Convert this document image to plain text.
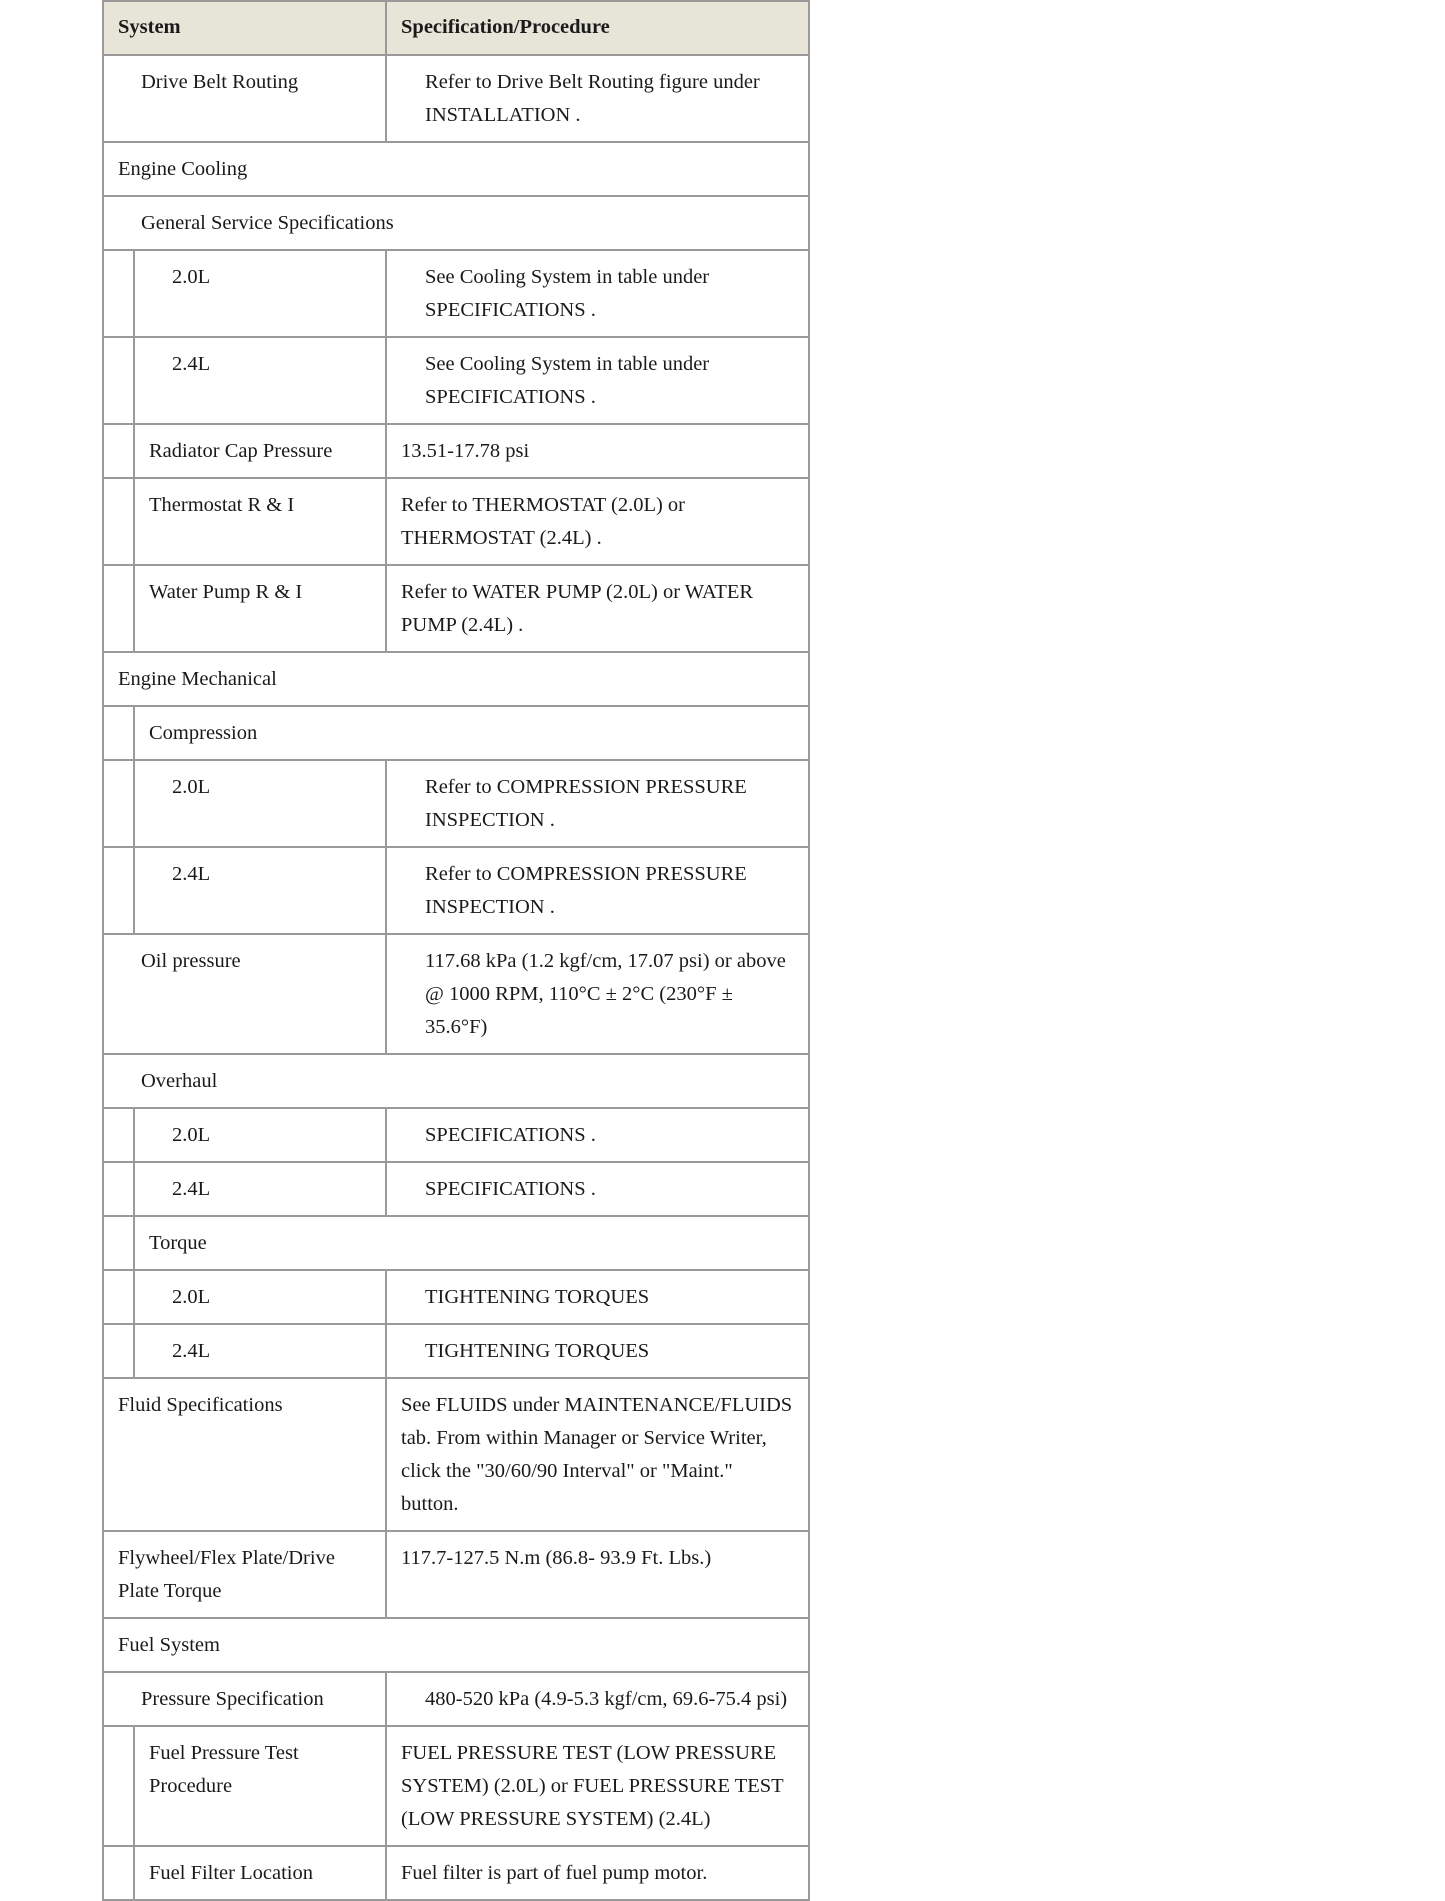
System		Specification/Procedure
Drive Belt Routing		Refer to Drive Belt Routing figure under INSTALLATION .
Engine Cooling		
General Service Specifications		
	2.0L	See Cooling System in table under SPECIFICATIONS .
	2.4L	See Cooling System in table under SPECIFICATIONS .
	Radiator Cap Pressure	13.51-17.78 psi
	Thermostat R & I	Refer to THERMOSTAT (2.0L) or THERMOSTAT (2.4L) .
	Water Pump R & I	Refer to WATER PUMP (2.0L) or WATER PUMP (2.4L) .
Engine Mechanical		
	Compression	
	2.0L	Refer to COMPRESSION PRESSURE INSPECTION .
	2.4L	Refer to COMPRESSION PRESSURE INSPECTION .
Oil pressure		117.68 kPa (1.2 kgf/cm, 17.07 psi) or above @ 1000 RPM, 110°C ± 2°C (230°F ± 35.6°F)
Overhaul		
	2.0L	SPECIFICATIONS .
	2.4L	SPECIFICATIONS .
	Torque	
	2.0L	TIGHTENING TORQUES
	2.4L	TIGHTENING TORQUES
Fluid Specifications		See FLUIDS under MAINTENANCE/FLUIDS tab. From within Manager or Service Writer, click the "30/60/90 Interval" or "Maint." button.
Flywheel/Flex Plate/Drive Plate Torque		117.7-127.5 N.m (86.8- 93.9 Ft. Lbs.)
Fuel System		
Pressure Specification		480-520 kPa (4.9-5.3 kgf/cm, 69.6-75.4 psi)
	Fuel Pressure Test Procedure	FUEL PRESSURE TEST (LOW PRESSURE SYSTEM) (2.0L) or FUEL PRESSURE TEST (LOW PRESSURE SYSTEM) (2.4L)
	Fuel Filter Location	Fuel filter is part of fuel pump motor.
